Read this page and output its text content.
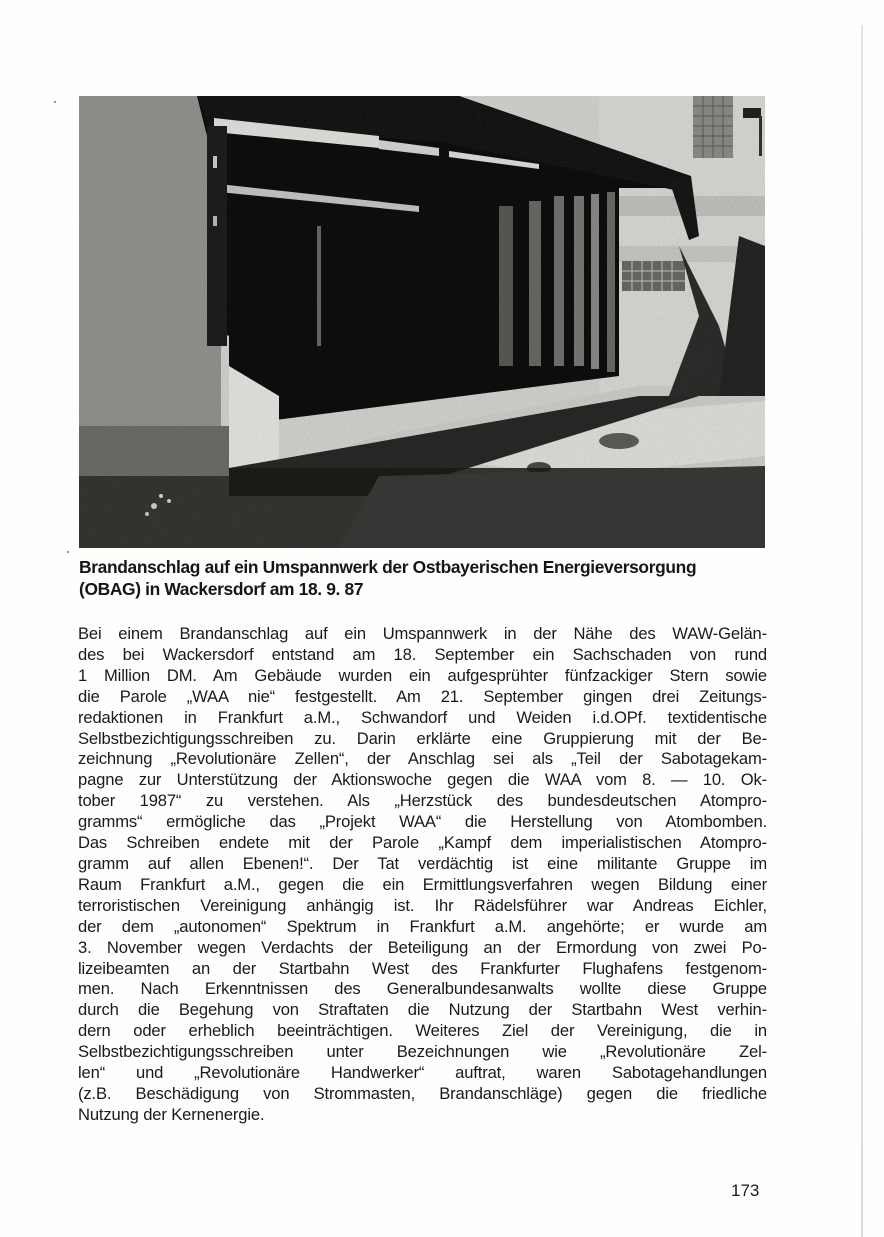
Brandanschlag auf ein Umspannwerk der Ostbayerischen Energieversorgung
(OBAG) in Wackersdorf am 18. 9. 87
Bei einem Brandanschlag auf ein Umspannwerk in der Nähe des WAW-Gelän-
des bei Wackersdorf entstand am 18. September ein Sachschaden von rund
1 Million DM. Am Gebäude wurden ein aufgesprühter fünfzackiger Stern sowie
die Parole „WAA nie“ festgestellt. Am 21. September gingen drei Zeitungs-
redaktionen in Frankfurt a.M., Schwandorf und Weiden i.d.OPf. textidentische
Selbstbezichtigungsschreiben zu. Darin erklärte eine Gruppierung mit der Be-
zeichnung „Revolutionäre Zellen“, der Anschlag sei als „Teil der Sabotagekam-
pagne zur Unterstützung der Aktionswoche gegen die WAA vom 8. — 10. Ok-
tober 1987“ zu verstehen. Als „Herzstück des bundesdeutschen Atompro-
gramms“ ermögliche das „Projekt WAA“ die Herstellung von Atombomben.
Das Schreiben endete mit der Parole „Kampf dem imperialistischen Atompro-
gramm auf allen Ebenen!“. Der Tat verdächtig ist eine militante Gruppe im
Raum Frankfurt a.M., gegen die ein Ermittlungsverfahren wegen Bildung einer
terroristischen Vereinigung anhängig ist. Ihr Rädelsführer war Andreas Eichler,
der dem „autonomen“ Spektrum in Frankfurt a.M. angehörte; er wurde am
3. November wegen Verdachts der Beteiligung an der Ermordung von zwei Po-
lizeibeamten an der Startbahn West des Frankfurter Flughafens festgenom-
men. Nach Erkenntnissen des Generalbundesanwalts wollte diese Gruppe
durch die Begehung von Straftaten die Nutzung der Startbahn West verhin-
dern oder erheblich beeinträchtigen. Weiteres Ziel der Vereinigung, die in
Selbstbezichtigungsschreiben unter Bezeichnungen wie „Revolutionäre Zel-
len“ und „Revolutionäre Handwerker“ auftrat, waren Sabotagehandlungen
(z.B. Beschädigung von Strommasten, Brandanschläge) gegen die friedliche
Nutzung der Kernenergie.
173
